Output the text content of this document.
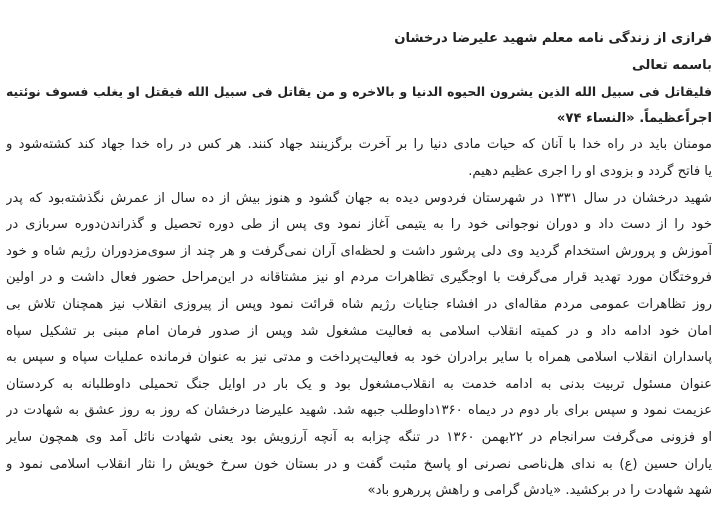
فرازی از زندگی نامه معلم شهید علیرضا درخشان
باسمه تعالی
فلیقاتل فی سبیل الله الذین یشرون الحیوه الدنیا و بالاخره و من یقاتل فی سبیل الله فیقتل او یغلب فسوف نوئتیه
اجراًعظیماً. «النساء ۷۴»
مومنان باید در راه خدا با آنان که حیات مادی دنیا را بر آخرت برگزینند جهاد کنند. هر کس در راه خدا جهاد کند کشته‌شود و
یا فاتح گردد و بزودی او را اجری عظیم دهیم.
شهید درخشان در سال ۱۳۳۱ در شهرستان فردوس دیده به جهان گشود و هنوز بیش از ده سال از عمرش نگذشته‌بود که پدر
خود را از دست داد و دوران نوجوانی خود را به یتیمی آغاز نمود وی پس از طی دوره تحصیل و گذراندن‌دوره سربازی در
آموزش و پرورش استخدام گردید وی دلی پرشور داشت و لحظه‌ای آران نمی‌گرفت و هر چند از سوی‌مزدوران رژیم شاه و خود
فروختگان مورد تهدید قرار می‌گرفت با اوجگیری تظاهرات مردم او نیز مشتاقانه در این‌مراحل حضور فعال داشت و در اولین
روز تظاهرات عمومی مردم مقاله‌ای در افشاء جنایات رژیم شاه قرائت نمود وپس از پیروزی انقلاب نیز همچنان تلاش بی
امان خود ادامه داد و در کمیته انقلاب اسلامی به فعالیت مشغول شد وپس از صدور فرمان امام مبنی بر تشکیل سپاه
پاسداران انقلاب اسلامی همراه با سایر برادران خود به فعالیت‌پرداخت و مدتی نیز به عنوان فرمانده عملیات سپاه و سپس به
عنوان مسئول تربیت بدنی به ادامه خدمت به انقلاب‌مشغول بود و یک بار در اوایل جنگ تحمیلی داوطلبانه به کردستان
عزیمت نمود و سپس برای بار دوم در دیماه ۱۳۶۰داوطلب جبهه شد. شهید علیرضا درخشان که روز به روز عشق به شهادت در
او فزونی می‌گرفت سرانجام در ۲۲بهمن ۱۳۶۰ در تنگه چزابه به آنچه آرزویش بود یعنی شهادت نائل آمد وی همچون سایر
یاران حسین (ع) به ندای هل‌ناصی نصرنی او پاسخ مثبت گفت و در بستان خون سرخ خویش را نثار انقلاب اسلامی نمود و
شهد شهادت را در برکشید. «یادش گرامی و راهش پررهرو باد»
